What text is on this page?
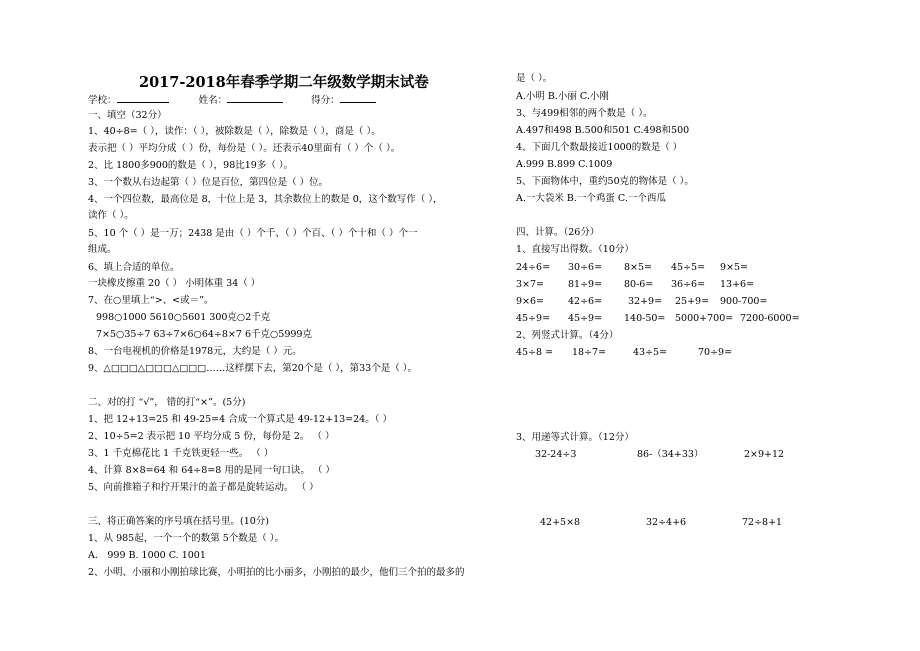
2017-2018年春季学期二年级数学期末试卷
学校：	姓名：	得分：
一、填空（32分）
1、40÷8=（ ），读作：（ ），被除数是（ ），除数是（ ），商是（ ）。
表示把（ ）平均分成（ ）份，每份是（ ）。还表示40里面有（ ）个（ ）。
2、比 1800多900的数是（ ），98比19多（ ）。
3、一个数从右边起第（ ）位是百位，第四位是（ ）位。
4、一个四位数，最高位是 8，十位上是 3，其余数位上的数是 0，这个数写作（ ），
读作（ ）。
5、10 个（ ）是一万；2438 是由（ ）个千、（ ）个百、（ ）个十和（ ）个一
组成。
6、填上合适的单位。
一块橡皮擦重 20（ ） 小明体重 34（ ）
7、在○里填上“>、<或＝”。
998○1000 5610○5601 300克○2千克
7×5○35÷7 63÷7×6○64÷8×7 6千克○5999克
8、一台电视机的价格是1978元，大约是（ ）元。
9、△□□□△□□□△□□□……这样摆下去，第20个是（ ），第33个是（ ）。
二、对的打 “√”， 错的打“×”。(5分)
1、把 12+13=25 和 49-25=4 合成一个算式是 49-12+13=24。（ ）
2、10÷5=2 表示把 10 平均分成 5 份，每份是 2。 （ ）
3、1 千克棉花比 1 千克铁更轻一些。 （ ）
4、计算 8×8=64 和 64÷8=8 用的是同一句口诀。 （ ）
5、向前推箱子和拧开果汁的盖子都是旋转运动。 （ ）
三、将正确答案的序号填在括号里。(10分)
1、从 985起，一个一个的数第 5个数是（ ）。
A． 999 B. 1000 C. 1001
2、小明、小丽和小刚拍球比赛，小明拍的比小丽多，小刚拍的最少，他们三个拍的最多的
是（ ）。
A.小明 B.小丽 C.小刚
3、与499相邻的两个数是（ ）。
A.497和498 B.500和501 C.498和500
4、下面几个数最接近1000的数是（ ）
A.999 B.899 C.1009
5、下面物体中，重约50克的物体是（ ）。
A.一大袋米 B.一个鸡蛋 C.一个西瓜
四、计算。（26分）
1、直接写出得数。（10分）
24÷6= 30÷6= 8×5= 45÷5= 9×5=
3×7=	81÷9= 80-6= 36÷6= 13+6=
9×6=	42÷6=	32+9= 25+9= 900-700=
45÷9= 45÷9= 140-50= 5000+700= 7200-6000=
2、列竖式计算。（4分）
45÷8 = 18÷7=	43÷5=	70÷9=
3、用递等式计算。（12分）
32-24÷3	86-（34+33）	2×9+12
42+5×8	32÷4+6	72÷8+1
